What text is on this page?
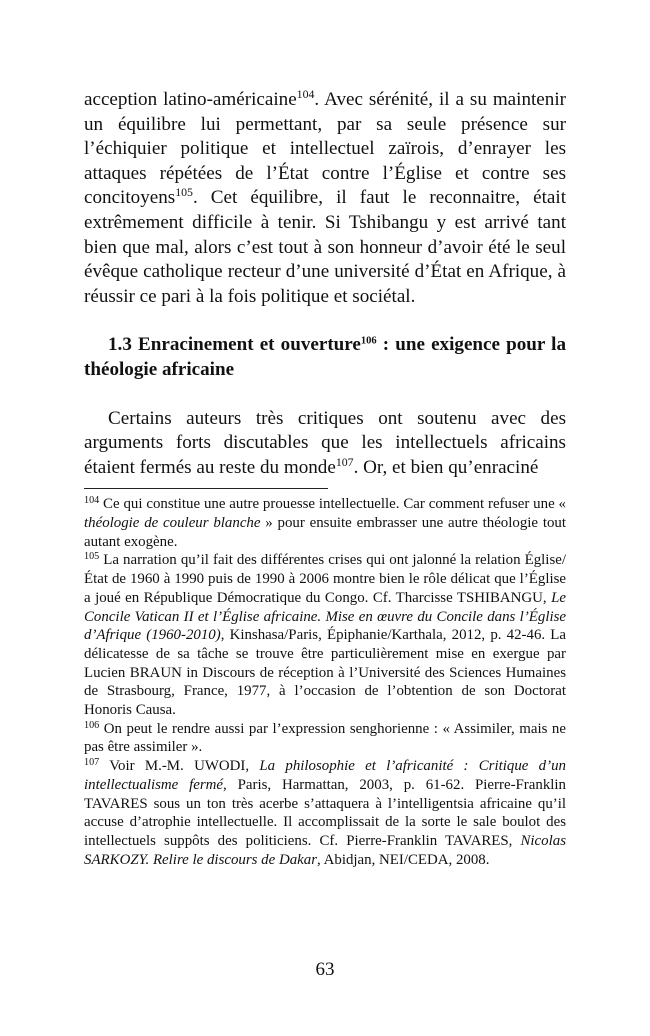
acception latino-américaine$^{104}$. Avec sérénité, il a su maintenir un équilibre lui permettant, par sa seule présence sur l’échiquier politique et intellectuel zaïrois, d’enrayer les attaques répétées de l’État contre l’Église et contre ses concitoyens$^{105}$. Cet équilibre, il faut le reconnaitre, était extrêmement difficile à tenir. Si Tshibangu y est arrivé tant bien que mal, alors c’est tout à son honneur d’avoir été le seul évêque catholique recteur d’une université d’État en Afrique, à réussir ce pari à la fois politique et sociétal.

1.3 Enracinement et ouverture$^{106}$ : une exigence pour la théologie africaine

Certains auteurs très critiques ont soutenu avec des arguments forts discutables que les intellectuels africains étaient fermés au reste du monde$^{107}$. Or, et bien qu’enraciné

$^{104}$ Ce qui constitue une autre prouesse intellectuelle. Car comment refuser une « théologie de couleur blanche » pour ensuite embrasser une autre théologie tout autant exogène.

$^{105}$ La narration qu’il fait des différentes crises qui ont jalonné la relation Église/État de 1960 à 1990 puis de 1990 à 2006 montre bien le rôle délicat que l’Église a joué en République Démocratique du Congo. Cf. Tharcisse TSHIBANGU, Le Concile Vatican II et l’Église africaine. Mise en œuvre du Concile dans l’Église d’Afrique (1960-2010), Kinshasa/Paris, Épiphanie/Karthala, 2012, p. 42-46. La délicatesse de sa tâche se trouve être particulièrement mise en exergue par Lucien BRAUN in Discours de réception à l’Université des Sciences Humaines de Strasbourg, France, 1977, à l’occasion de l’obtention de son Doctorat Honoris Causa.

$^{106}$ On peut le rendre aussi par l’expression senghorienne : « Assimiler, mais ne pas être assimiler ».

$^{107}$ Voir M.-M. UWODI, La philosophie et l’africanité : Critique d’un intellectualisme fermé, Paris, Harmattan, 2003, p. 61-62. Pierre-Franklin TAVARES sous un ton très acerbe s’attaquera à l’intelligentsia africaine qu’il accuse d’atrophie intellectuelle. Il accomplissait de la sorte le sale boulot des intellectuels suppôts des politiciens. Cf. Pierre-Franklin TAVARES, Nicolas SARKOZY. Relire le discours de Dakar, Abidjan, NEI/CEDA, 2008.

63
